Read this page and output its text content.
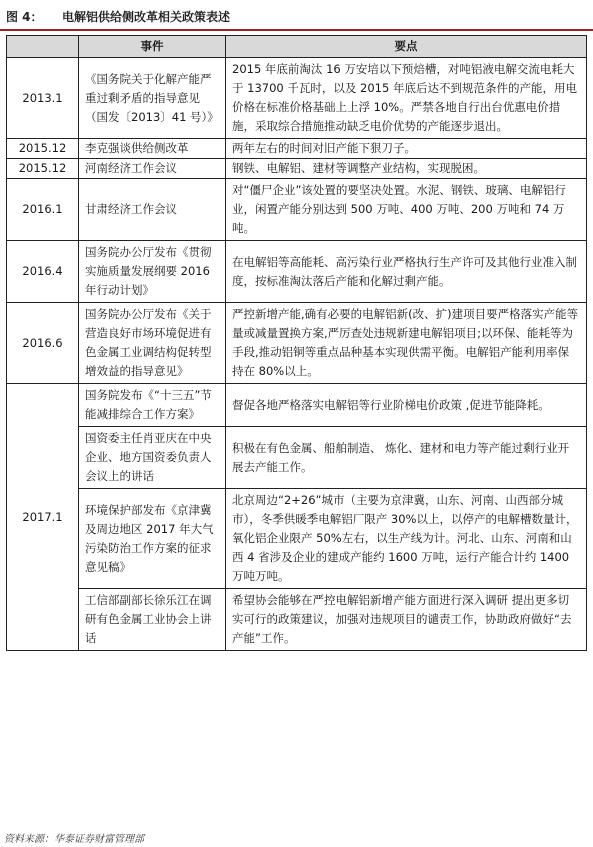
图 4： 电解铝供给侧改革相关政策表述
	事件	要点
2013.1	《国务院关于化解产能严重过剩矛盾的指导意见（国发〔2013〕41 号）》	2015 年底前淘汰 16 万安培以下预焙槽，对吨铝液电解交流电耗大于 13700 千瓦时，以及 2015 年底后达不到规范条件的产能，用电价格在标准价格基础上上浮 10%。严禁各地自行出台优惠电价措施，采取综合措施推动缺乏电价优势的产能逐步退出。
2015.12	李克强谈供给侧改革	两年左右的时间对旧产能下狠刀子。
2015.12	河南经济工作会议	钢铁、电解铝、建材等调整产业结构，实现脱困。
2016.1	甘肃经济工作会议	对“僵尸企业”该处置的要坚决处置。水泥、钢铁、玻璃、电解铝行业，闲置产能分别达到 500 万吨、400 万吨、200 万吨和 74 万吨。
2016.4	国务院办公厅发布《贯彻实施质量发展纲要 2016 年行动计划》	在电解铝等高能耗、高污染行业严格执行生产许可及其他行业准入制度，按标准淘汰落后产能和化解过剩产能。
2016.6	国务院办公厅发布《关于营造良好市场环境促进有色金属工业调结构促转型增效益的指导意见》	严控新增产能,确有必要的电解铝新(改、扩)建项目要严格落实产能等量或减量置换方案,严厉查处违规新建电解铝项目;以环保、能耗等为手段,推动铝铜等重点品种基本实现供需平衡。电解铝产能利用率保持在 80%以上。
2017.1	国务院发布《“十三五”节能减排综合工作方案》	督促各地严格落实电解铝等行业阶梯电价政策 ,促进节能降耗。
	国资委主任肖亚庆在中央企业、地方国资委负责人会议上的讲话	积极在有色金属、船舶制造、 炼化、建材和电力等产能过剩行业开展去产能工作。
	环境保护部发布《京津冀及周边地区 2017 年大气污染防治工作方案的征求意见稿》	北京周边“2+26”城市（主要为京津冀，山东、河南、山西部分城市），冬季供暖季电解铝厂限产 30%以上，以停产的电解槽数量计，氧化铝企业限产 50%左右，以生产线为计。河北、山东、河南和山西 4 省涉及企业的建成产能约 1600 万吨，运行产能合计约 1400 万吨万吨。
	工信部副部长徐乐江在调研有色金属工业协会上讲话	希望协会能够在严控电解铝新增产能方面进行深入调研 提出更多切实可行的政策建议，加强对违规项目的谴责工作，协助政府做好“去产能”工作。
资料来源：华泰证券财富管理部
